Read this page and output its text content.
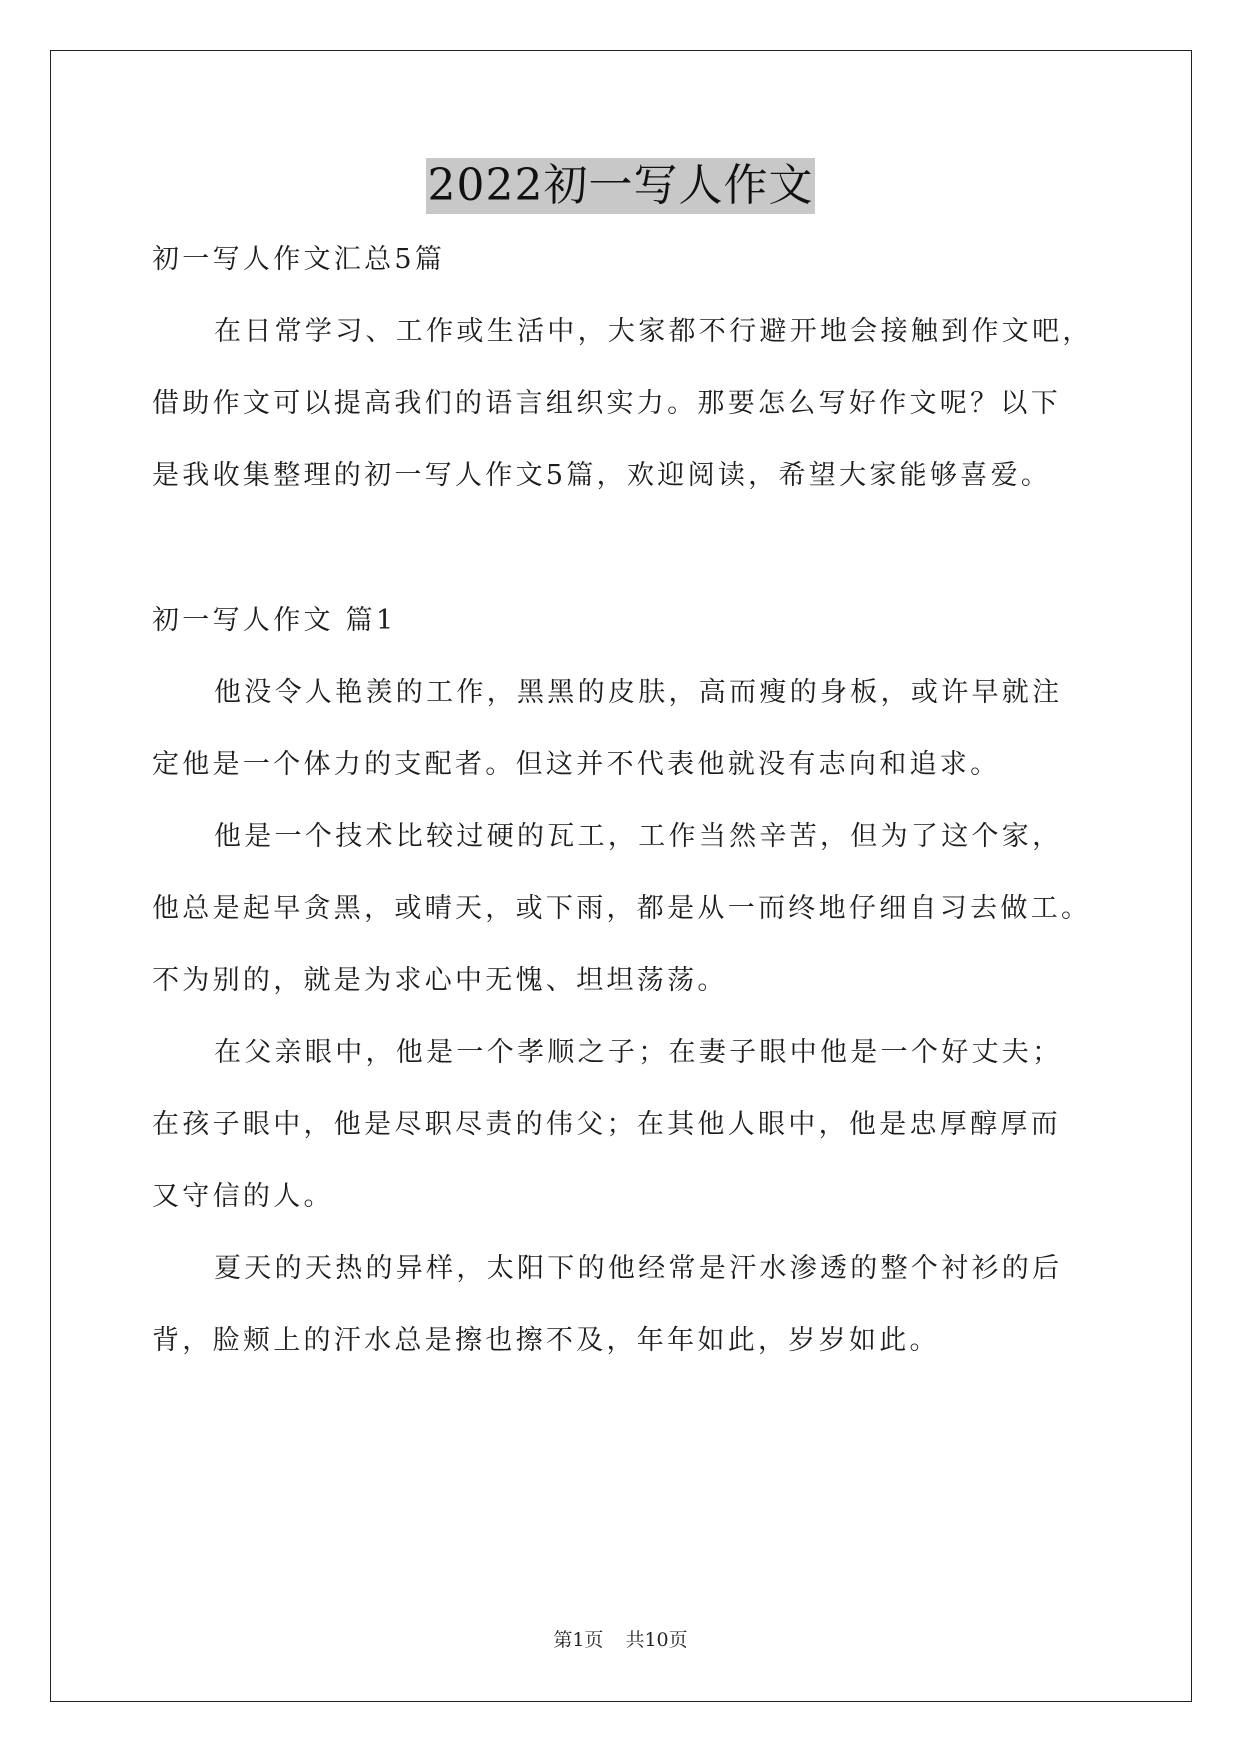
2022初一写人作文
初一写人作文汇总5篇
在日常学习、工作或生活中，大家都不行避开地会接触到作文吧，
借助作文可以提高我们的语言组织实力。那要怎么写好作文呢？以下
是我收集整理的初一写人作文5篇，欢迎阅读，希望大家能够喜爱。
初一写人作文 篇1
他没令人艳羡的工作，黑黑的皮肤，高而瘦的身板，或许早就注
定他是一个体力的支配者。但这并不代表他就没有志向和追求。
他是一个技术比较过硬的瓦工，工作当然辛苦，但为了这个家，
他总是起早贪黑，或晴天，或下雨，都是从一而终地仔细自习去做工。
不为别的，就是为求心中无愧、坦坦荡荡。
在父亲眼中，他是一个孝顺之子；在妻子眼中他是一个好丈夫；
在孩子眼中，他是尽职尽责的伟父；在其他人眼中，他是忠厚醇厚而
又守信的人。
夏天的天热的异样，太阳下的他经常是汗水渗透的整个衬衫的后
背，脸颊上的汗水总是擦也擦不及，年年如此，岁岁如此。
第1页 共10页
